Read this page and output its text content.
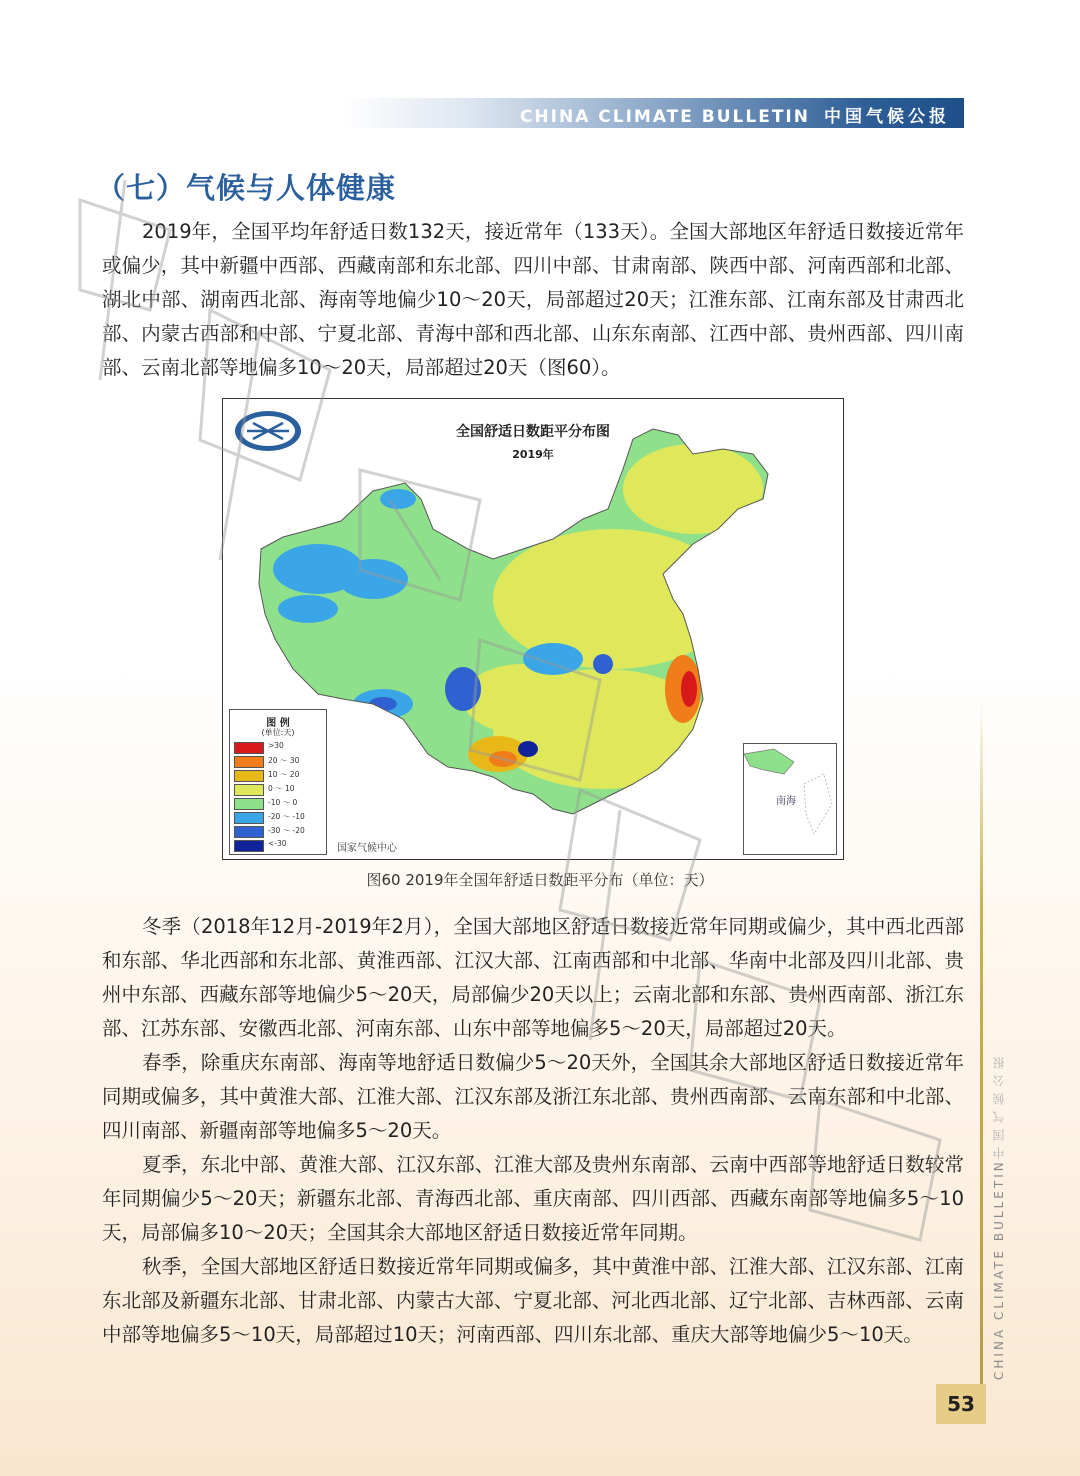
CHINA CLIMATE BULLETIN 中国气候公报
（七）气候与人体健康
2019年，全国平均年舒适日数132天，接近常年（133天）。全国大部地区年舒适日数接近常年或偏少，其中新疆中西部、西藏南部和东北部、四川中部、甘肃南部、陕西中部、河南西部和北部、湖北中部、湖南西北部、海南等地偏少10～20天，局部超过20天；江淮东部、江南东部及甘肃西北部、内蒙古西部和中部、宁夏北部、青海中部和西北部、山东东南部、江西中部、贵州西部、四川南部、云南北部等地偏多10～20天，局部超过20天（图60）。
全国舒适日数距平分布图
2019年
图 例
(单位:天)
>30
20 ～ 30
10 ～ 20
0 ～ 10
-10 ～ 0
-20 ～ -10
-30 ～ -20
<-30	国家气候中心
南海
图60 2019年全国年舒适日数距平分布（单位：天）
冬季（2018年12月-2019年2月），全国大部地区舒适日数接近常年同期或偏少，其中西北西部和东部、华北西部和东北部、黄淮西部、江汉大部、江南西部和中北部、华南中北部及四川北部、贵州中东部、西藏东部等地偏少5～20天，局部偏少20天以上；云南北部和东部、贵州西南部、浙江东部、江苏东部、安徽西北部、河南东部、山东中部等地偏多5～20天，局部超过20天。
春季，除重庆东南部、海南等地舒适日数偏少5～20天外，全国其余大部地区舒适日数接近常年同期或偏多，其中黄淮大部、江淮大部、江汉东部及浙江东北部、贵州西南部、云南东部和中北部、四川南部、新疆南部等地偏多5～20天。
夏季，东北中部、黄淮大部、江汉东部、江淮大部及贵州东南部、云南中西部等地舒适日数较常年同期偏少5～20天；新疆东北部、青海西北部、重庆南部、四川西部、西藏东南部等地偏多5～10天，局部偏多10～20天；全国其余大部地区舒适日数接近常年同期。
秋季，全国大部地区舒适日数接近常年同期或偏多，其中黄淮中部、江淮大部、江汉东部、江南东北部及新疆东北部、甘肃北部、内蒙古大部、宁夏北部、河北西北部、辽宁北部、吉林西部、云南中部等地偏多5～10天，局部超过10天；河南西部、四川东北部、重庆大部等地偏少5～10天。	CHINA CLIMATE BULLETIN中国气候公报
53
